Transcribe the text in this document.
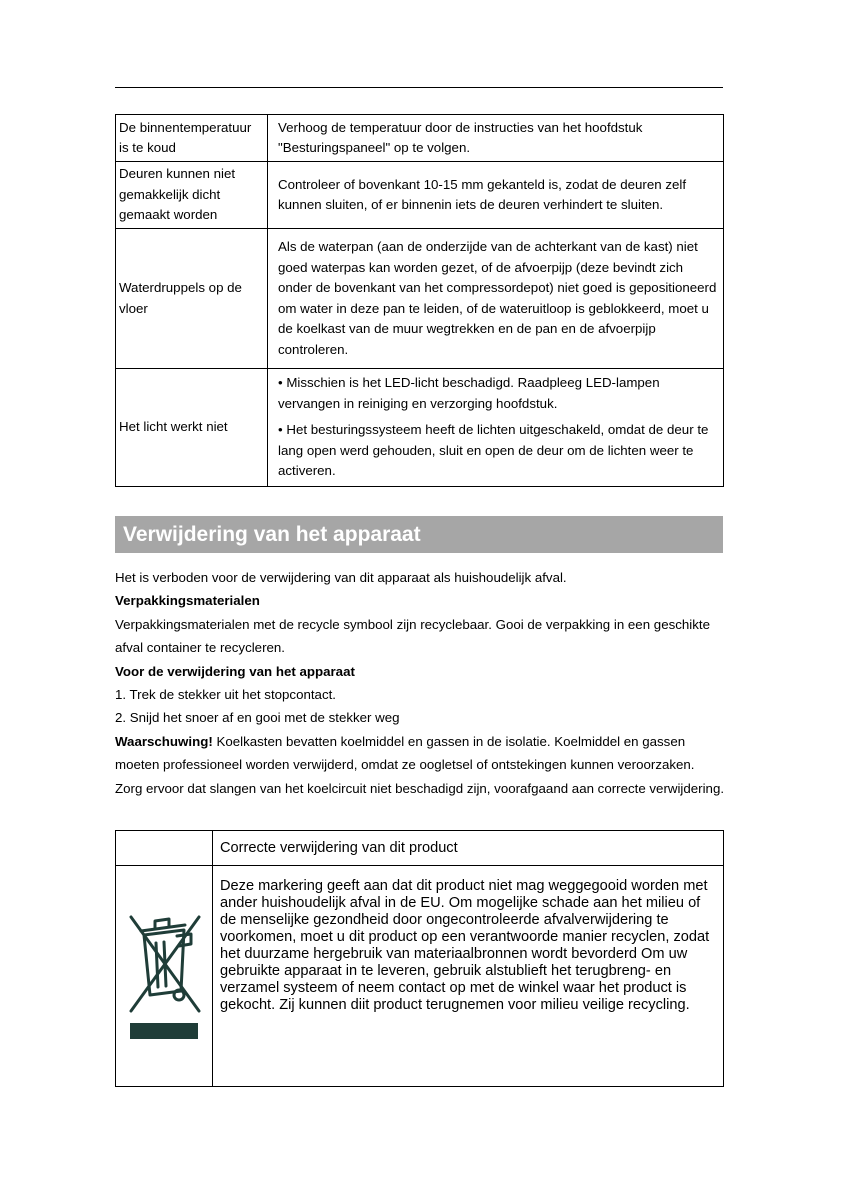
De binnentemperatuur is te koud	Verhoog de temperatuur door de instructies van het hoofdstuk "Besturingspaneel" op te volgen.

Deuren kunnen niet gemakkelijk dicht gemaakt worden	Controleer of bovenkant 10-15 mm gekanteld is, zodat de deuren zelf kunnen sluiten, of er binnenin iets de deuren verhindert te sluiten.

Waterdruppels op de vloer	Als de waterpan (aan de onderzijde van de achterkant van de kast) niet goed waterpas kan worden gezet, of de afvoerpijp (deze bevindt zich onder de bovenkant van het compressordepot) niet goed is gepositioneerd om water in deze pan te leiden, of de wateruitloop is geblokkeerd, moet u de koelkast van de muur wegtrekken en de pan en de afvoerpijp controleren.

Het licht werkt niet	• Misschien is het LED-licht beschadigd. Raadpleeg LED-lampen vervangen in reiniging en verzorging hoofdstuk.

• Het besturingssysteem heeft de lichten uitgeschakeld, omdat de deur te lang open werd gehouden, sluit en open de deur om de lichten weer te activeren.

Verwijdering van het apparaat

Het is verboden voor de verwijdering van dit apparaat als huishoudelijk afval.

Verpakkingsmaterialen

Verpakkingsmaterialen met de recycle symbool zijn recyclebaar. Gooi de verpakking in een geschikte afval container te recycleren.

Voor de verwijdering van het apparaat

1. Trek de stekker uit het stopcontact.

2. Snijd het snoer af en gooi met de stekker weg

Waarschuwing! Koelkasten bevatten koelmiddel en gassen in de isolatie. Koelmiddel en gassen moeten professioneel worden verwijderd, omdat ze oogletsel of ontstekingen kunnen veroorzaken. Zorg ervoor dat slangen van het koelcircuit niet beschadigd zijn, voorafgaand aan correcte verwijdering.

	Correcte verwijdering van dit product
	Deze markering geeft aan dat dit product niet mag weggegooid worden met ander huishoudelijk afval in de EU. Om mogelijke schade aan het milieu of de menselijke gezondheid door ongecontroleerde afvalverwijdering te voorkomen, moet u dit product op een verantwoorde manier recyclen, zodat het duurzame hergebruik van materiaalbronnen wordt bevorderd Om uw gebruikte apparaat in te leveren, gebruik alstublieft het terugbreng- en verzamel systeem of neem contact op met de winkel waar het product is gekocht. Zij kunnen diit product terugnemen voor milieu veilige recycling.
